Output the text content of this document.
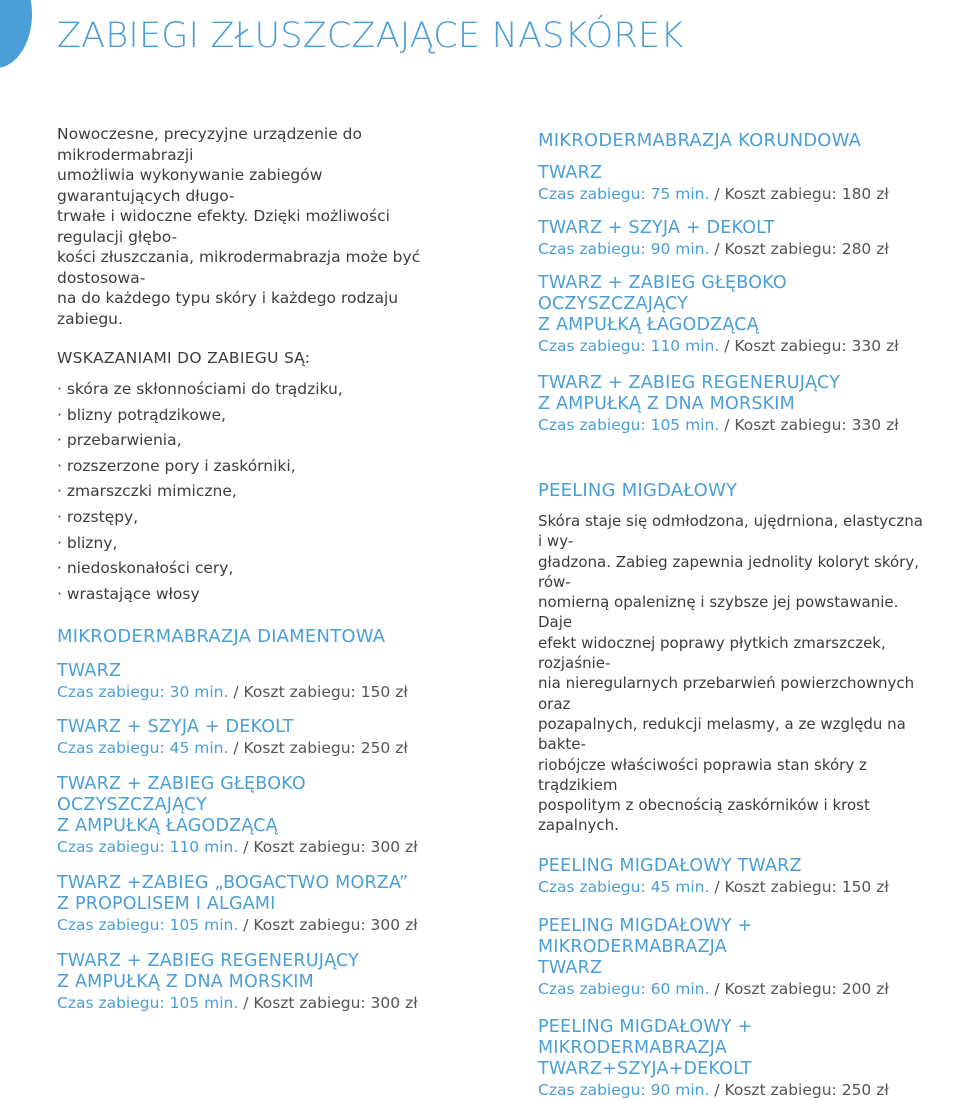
ZABIEGI ZŁUSZCZAJĄCE NASKÓREK

Nowoczesne, precyzyjne urządzenie do mikrodermabrazji
umożliwia wykonywanie zabiegów gwarantujących długo-
trwałe i widoczne efekty. Dzięki możliwości regulacji głębo-
kości złuszczania, mikrodermabrazja może być dostosowa-
na do każdego typu skóry i każdego rodzaju zabiegu.

WSKAZANIAMI DO ZABIEGU SĄ:

· skóra ze skłonnościami do trądziku,
· blizny potrądzikowe,
· przebarwienia,
· rozszerzone pory i zaskórniki,
· zmarszczki mimiczne,
· rozstępy,
· blizny,
· niedoskonałości cery,
· wrastające włosy
MIKRODERMABRAZJA DIAMENTOWA
TWARZ
Czas zabiegu: 30 min. / Koszt zabiegu: 150 zł
TWARZ + SZYJA + DEKOLT
Czas zabiegu: 45 min. / Koszt zabiegu: 250 zł
TWARZ + ZABIEG GŁĘBOKO OCZYSZCZAJĄCY
Z AMPUŁKĄ ŁAGODZĄCĄ
Czas zabiegu: 110 min. / Koszt zabiegu: 300 zł
TWARZ +ZABIEG „BOGACTWO MORZA”
Z PROPOLISEM I ALGAMI
Czas zabiegu: 105 min. / Koszt zabiegu: 300 zł
TWARZ + ZABIEG REGENERUJĄCY
Z AMPUŁKĄ Z DNA MORSKIM
Czas zabiegu: 105 min. / Koszt zabiegu: 300 zł
MIKRODERMABRAZJA KORUNDOWA
TWARZ
Czas zabiegu: 75 min. / Koszt zabiegu: 180 zł
TWARZ + SZYJA + DEKOLT
Czas zabiegu: 90 min. / Koszt zabiegu: 280 zł
TWARZ + ZABIEG GŁĘBOKO OCZYSZCZAJĄCY
Z AMPUŁKĄ ŁAGODZĄCĄ
Czas zabiegu: 110 min. / Koszt zabiegu: 330 zł
TWARZ + ZABIEG REGENERUJĄCY
Z AMPUŁKĄ Z DNA MORSKIM
Czas zabiegu: 105 min. / Koszt zabiegu: 330 zł
PEELING MIGDAŁOWY

Skóra staje się odmłodzona, ujędrniona, elastyczna i wy-
gładzona. Zabieg zapewnia jednolity koloryt skóry, rów-
nomierną opaleniznę i szybsze jej powstawanie. Daje
efekt widocznej poprawy płytkich zmarszczek, rozjaśnie-
nia nieregularnych przebarwień powierzchownych oraz
pozapalnych, redukcji melasmy, a ze względu na bakte-
riobójcze właściwości poprawia stan skóry z trądzikiem
pospolitym z obecnością zaskórników i krost zapalnych.

PEELING MIGDAŁOWY TWARZ
Czas zabiegu: 45 min. / Koszt zabiegu: 150 zł
PEELING MIGDAŁOWY + MIKRODERMABRAZJA
TWARZ
Czas zabiegu: 60 min. / Koszt zabiegu: 200 zł
PEELING MIGDAŁOWY + MIKRODERMABRAZJA
TWARZ+SZYJA+DEKOLT
Czas zabiegu: 90 min. / Koszt zabiegu: 250 zł
